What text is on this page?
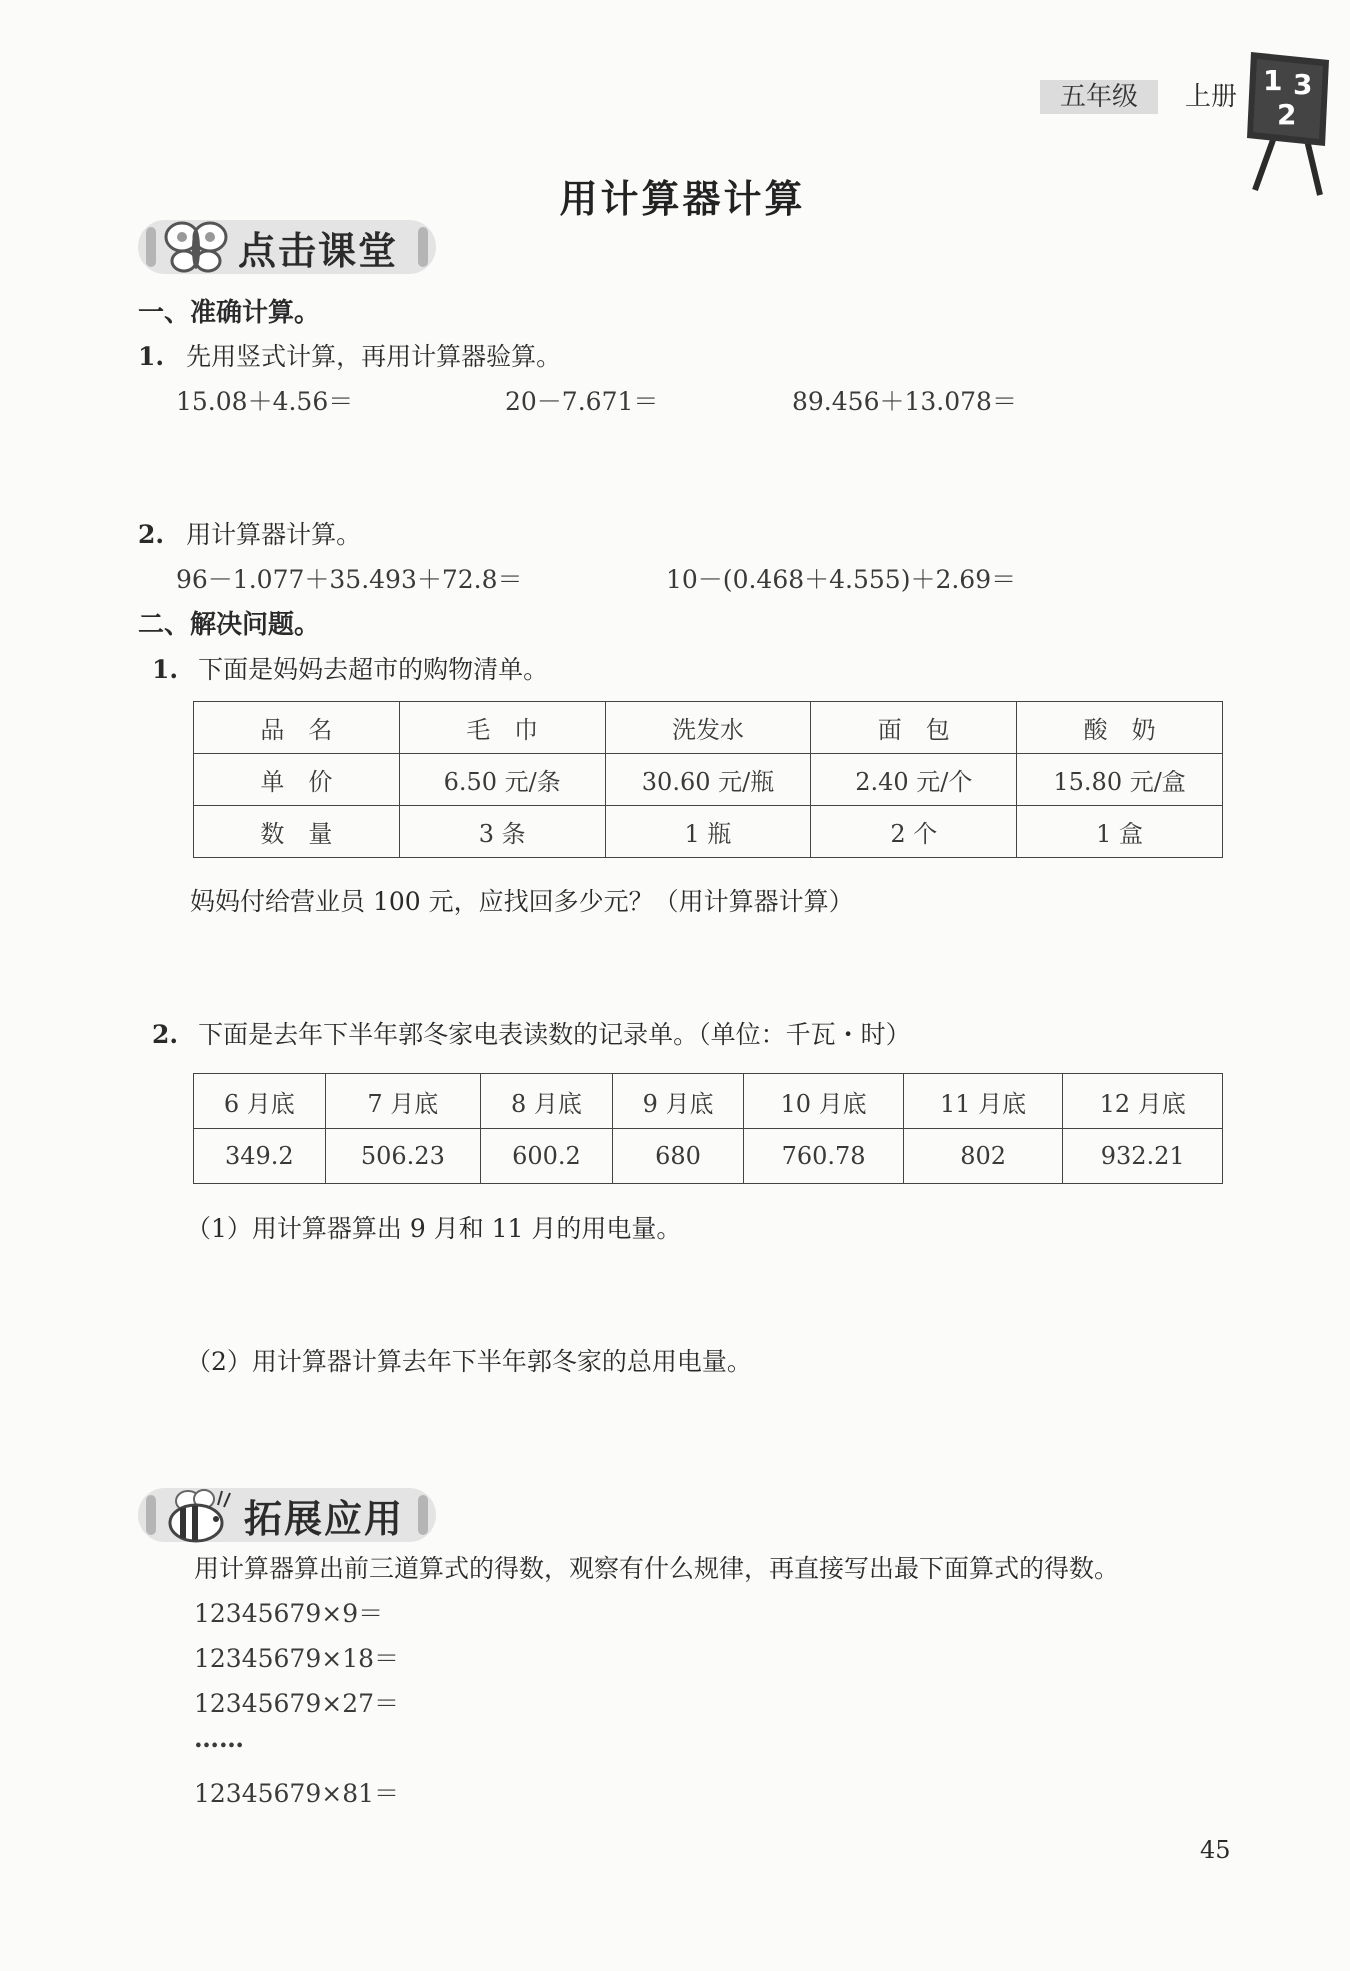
五年级	上册 1 3
2
用计算器计算
点击课堂
一、准确计算。
1. 先用竖式计算，再用计算器验算。
15.08＋4.56＝	20－7.671＝	89.456＋13.078＝
2. 用计算器计算。
96－1.077＋35.493＋72.8＝	10－(0.468＋4.555)＋2.69＝
二、解决问题。
1. 下面是妈妈去超市的购物清单。
品　名	毛　巾	洗发水	面　包	酸　奶
单　价	6.50 元/条	30.60 元/瓶	2.40 元/个	15.80 元/盒
数　量	3 条	1 瓶	2 个	1 盒
妈妈付给营业员 100 元，应找回多少元？（用计算器计算）
2. 下面是去年下半年郭冬家电表读数的记录单。（单位：千瓦・时）
6 月底	7 月底	8 月底	9 月底	10 月底	11 月底	12 月底
349.2	506.23	600.2	680	760.78	802	932.21
（1）用计算器算出 9 月和 11 月的用电量。
（2）用计算器计算去年下半年郭冬家的总用电量。
拓展应用
用计算器算出前三道算式的得数，观察有什么规律，再直接写出最下面算式的得数。
12345679×9＝
12345679×18＝
12345679×27＝
……
12345679×81＝
45
